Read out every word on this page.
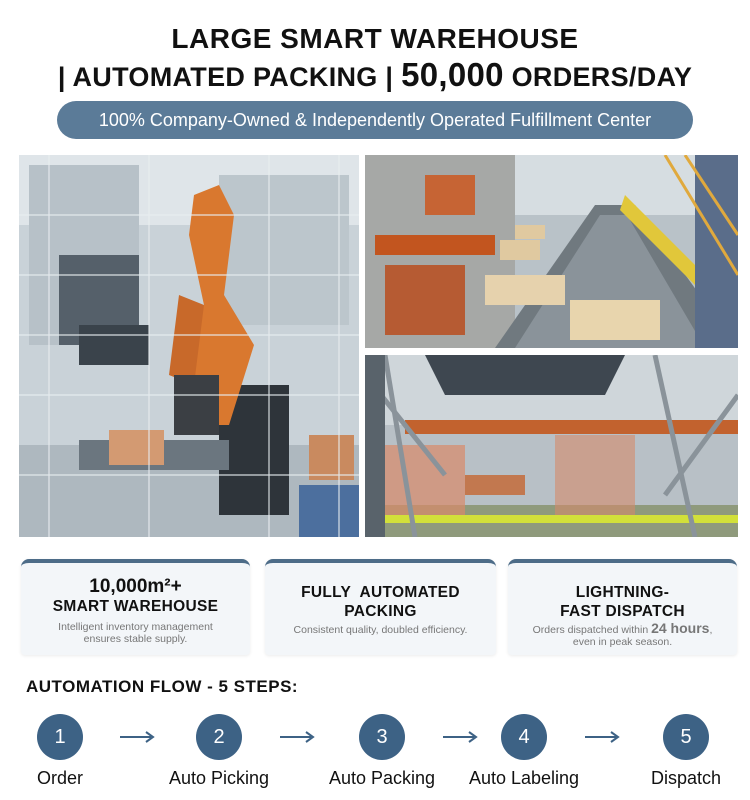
LARGE SMART WAREHOUSE
| AUTOMATED PACKING | 50,000 ORDERS/DAY
100% Company-Owned & Independently Operated Fulfillment Center
10,000m²+
SMART WAREHOUSE
Intelligent inventory management
ensures stable supply.
FULLY  AUTOMATED
PACKING
Consistent quality, doubled efficiency.
LIGHTNING-
FAST DISPATCH
Orders dispatched within 24 hours,
even in peak season.
AUTOMATION FLOW - 5 STEPS:
1
Order
2
Auto Picking
3
Auto Packing
4
Auto Labeling
5
Dispatch
